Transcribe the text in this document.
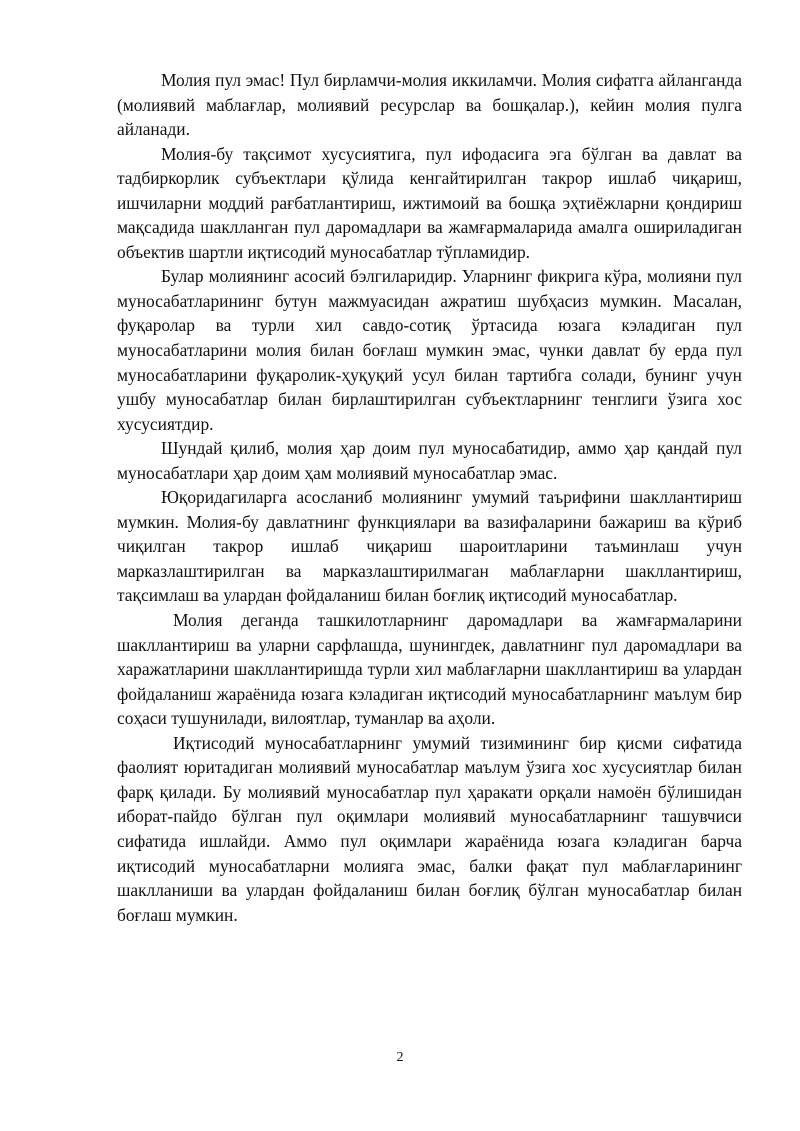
Молия пул эмас! Пул бирламчи-молия иккиламчи. Молия сифатга айланганда (молиявий маблағлар, молиявий ресурслар ва бошқалар.), кейин молия пулга айланади.

Молия-бу тақсимот хусусиятига, пул ифодасига эга бўлган ва давлат ва тадбиркорлик субъектлари қўлида кенгайтирилган такрор ишлаб чиқариш, ишчиларни моддий рағбатлантириш, ижтимоий ва бошқа эҳтиёжларни қондириш мақсадида шаклланган пул даромадлари ва жамғармаларида амалга ошириладиган объектив шартли иқтисодий муносабатлар тўпламидир.

Булар молиянинг асосий бэлгиларидир. Уларнинг фикрига кўра, молияни пул муносабатларининг бутун мажмуасидан ажратиш шубҳасиз мумкин. Масалан, фуқаролар ва турли хил савдо-сотиқ ўртасида юзага кэладиган пул муносабатларини молия билан боғлаш мумкин эмас, чунки давлат бу ерда пул муносабатларини фуқаролик-ҳуқуқий усул билан тартибга солади, бунинг учун ушбу муносабатлар билан бирлаштирилган субъектларнинг тенглиги ўзига хос хусусиятдир.

Шундай қилиб, молия ҳар доим пул муносабатидир, аммо ҳар қандай пул муносабатлари ҳар доим ҳам молиявий муносабатлар эмас.

Юқоридагиларга асосланиб молиянинг умумий таърифини шакллантириш мумкин. Молия-бу давлатнинг функциялари ва вазифаларини бажариш ва кўриб чиқилган такрор ишлаб чиқариш шароитларини таъминлаш учун марказлаштирилган ва марказлаштирилмаган маблағларни шакллантириш, тақсимлаш ва улардан фойдаланиш билан боғлиқ иқтисодий муносабатлар.

Молия деганда ташкилотларнинг даромадлари ва жамғармаларини шакллантириш ва уларни сарфлашда, шунингдек, давлатнинг пул даромадлари ва харажатларини шакллантиришда турли хил маблағларни шакллантириш ва улардан фойдаланиш жараёнида юзага кэладиган иқтисодий муносабатларнинг маълум бир соҳаси тушунилади, вилоятлар, туманлар ва аҳоли.

Иқтисодий муносабатларнинг умумий тизимининг бир қисми сифатида фаолият юритадиган молиявий муносабатлар маълум ўзига хос хусусиятлар билан фарқ қилади. Бу молиявий муносабатлар пул ҳаракати орқали намоён бўлишидан иборат-пайдо бўлган пул оқимлари молиявий муносабатларнинг ташувчиси сифатида ишлайди. Аммо пул оқимлари жараёнида юзага кэладиган барча иқтисодий муносабатларни молияга эмас, балки фақат пул маблағларининг шаклланиши ва улардан фойдаланиш билан боғлиқ бўлган муносабатлар билан боғлаш мумкин.

2
